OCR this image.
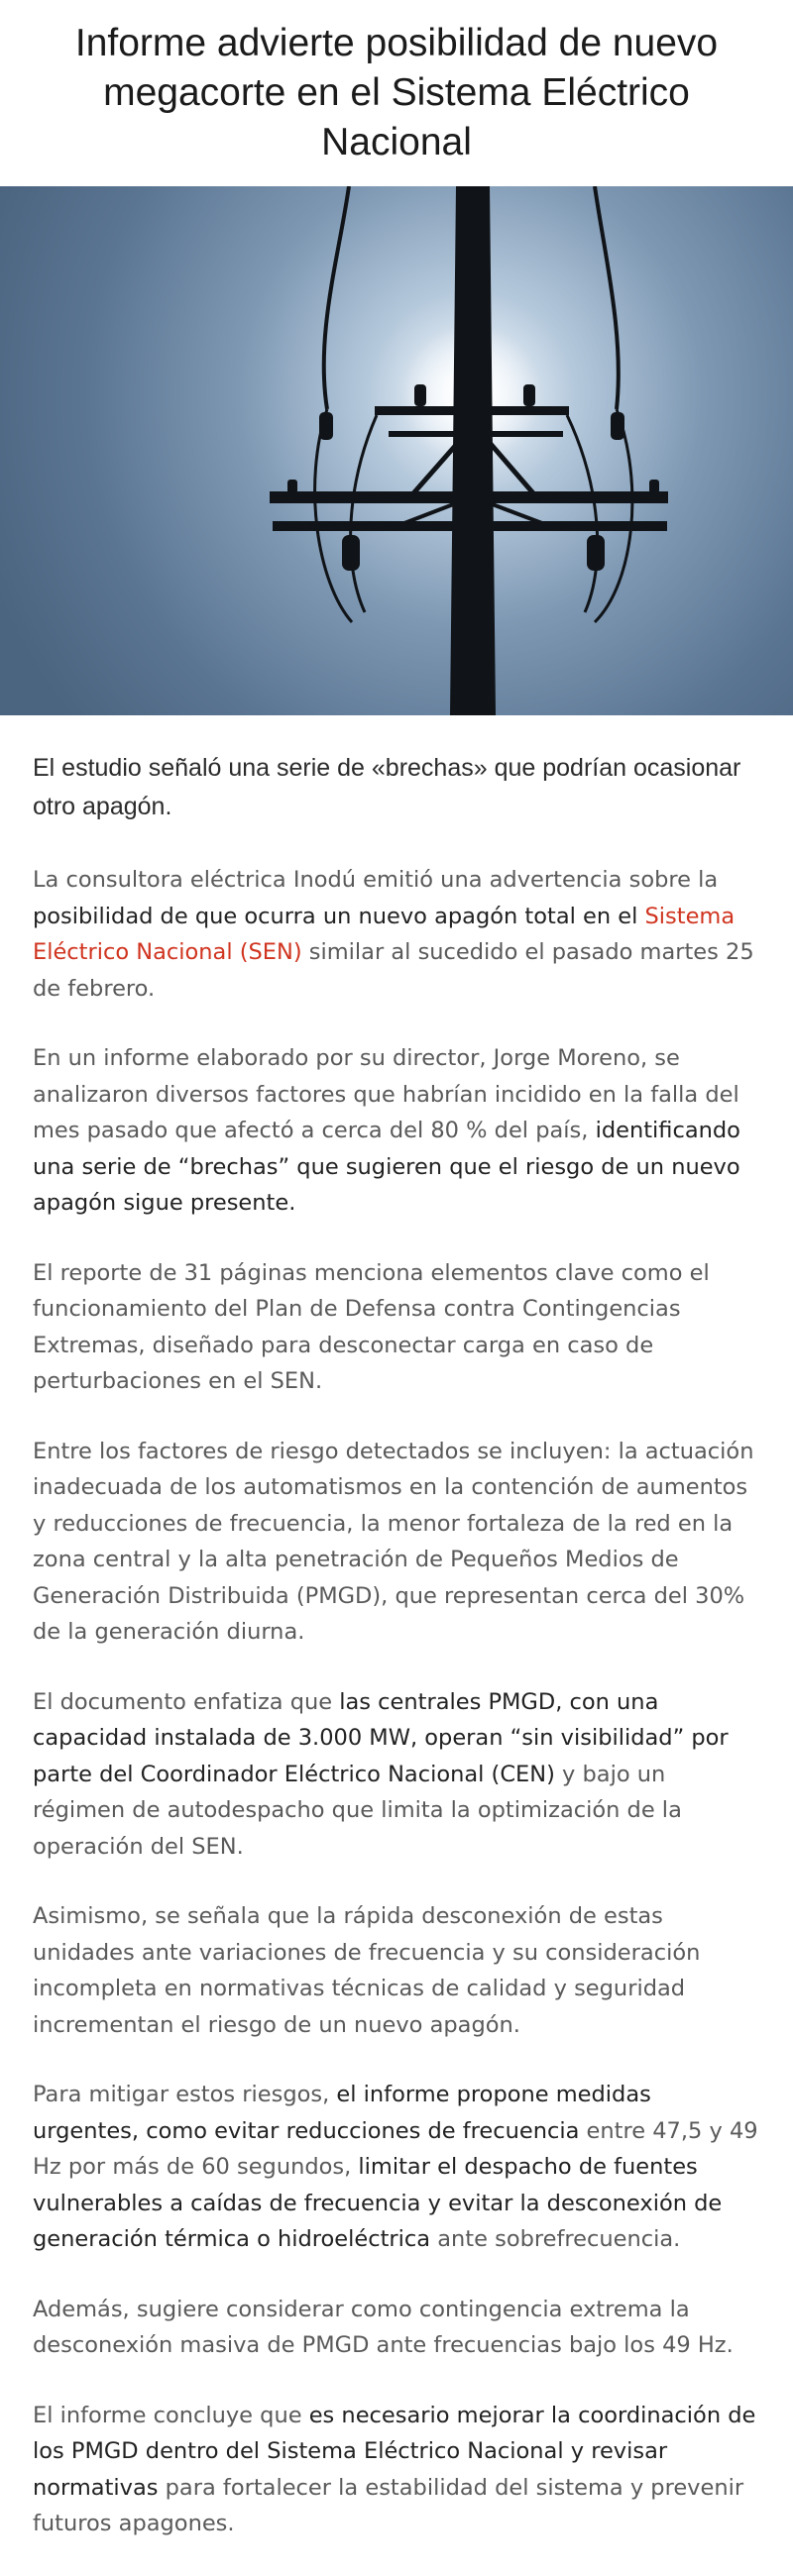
Informe advierte posibilidad de nuevo megacorte en el Sistema Eléctrico Nacional

El estudio señaló una serie de «brechas» que podrían ocasionar otro apagón.

La consultora eléctrica Inodú emitió una advertencia sobre la posibilidad de que ocurra un nuevo apagón total en el Sistema Eléctrico Nacional (SEN) similar al sucedido el pasado martes 25 de febrero.

En un informe elaborado por su director, Jorge Moreno, se analizaron diversos factores que habrían incidido en la falla del mes pasado que afectó a cerca del 80 % del país, identificando una serie de “brechas” que sugieren que el riesgo de un nuevo apagón sigue presente.

El reporte de 31 páginas menciona elementos clave como el funcionamiento del Plan de Defensa contra Contingencias Extremas, diseñado para desconectar carga en caso de perturbaciones en el SEN.

Entre los factores de riesgo detectados se incluyen: la actuación inadecuada de los automatismos en la contención de aumentos y reducciones de frecuencia, la menor fortaleza de la red en la zona central y la alta penetración de Pequeños Medios de Generación Distribuida (PMGD), que representan cerca del 30% de la generación diurna.

El documento enfatiza que las centrales PMGD, con una capacidad instalada de 3.000 MW, operan “sin visibilidad” por parte del Coordinador Eléctrico Nacional (CEN) y bajo un régimen de autodespacho que limita la optimización de la operación del SEN.

Asimismo, se señala que la rápida desconexión de estas unidades ante variaciones de frecuencia y su consideración incompleta en normativas técnicas de calidad y seguridad incrementan el riesgo de un nuevo apagón.

Para mitigar estos riesgos, el informe propone medidas urgentes, como evitar reducciones de frecuencia entre 47,5 y 49 Hz por más de 60 segundos, limitar el despacho de fuentes vulnerables a caídas de frecuencia y evitar la desconexión de generación térmica o hidroeléctrica ante sobrefrecuencia.

Además, sugiere considerar como contingencia extrema la desconexión masiva de PMGD ante frecuencias bajo los 49 Hz.

El informe concluye que es necesario mejorar la coordinación de los PMGD dentro del Sistema Eléctrico Nacional y revisar normativas para fortalecer la estabilidad del sistema y prevenir futuros apagones.
